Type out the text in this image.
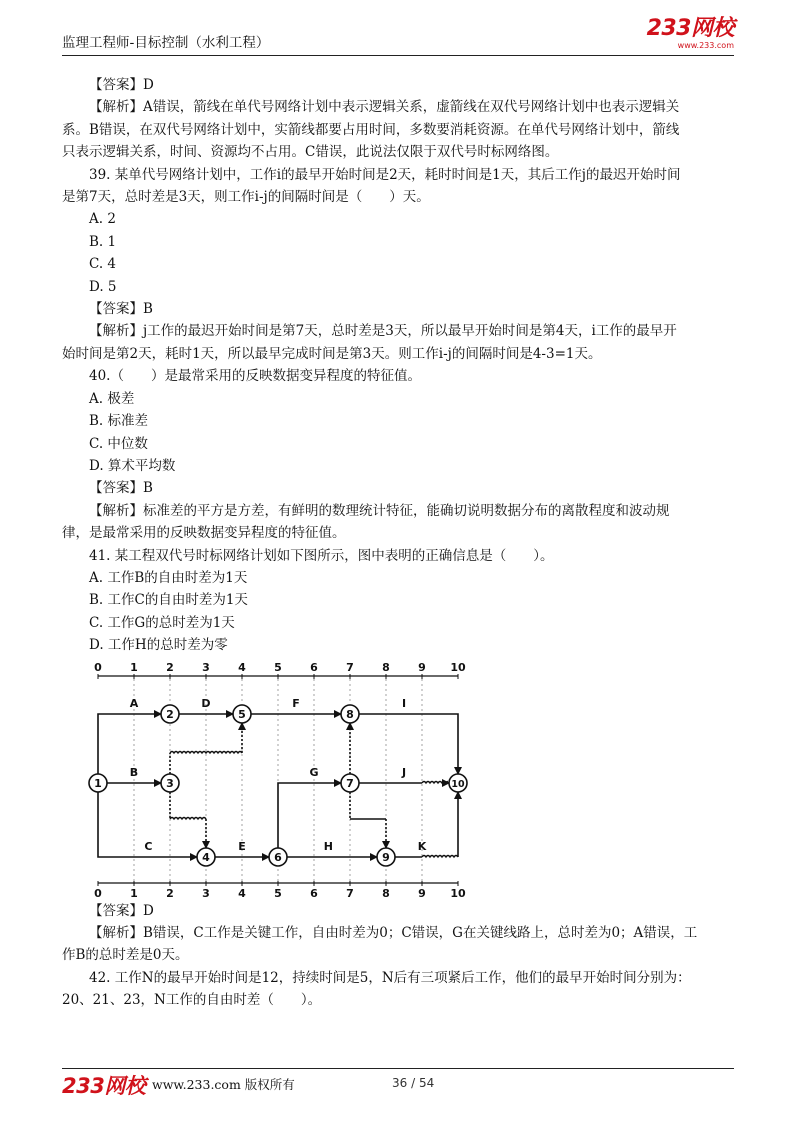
监理工程师-目标控制（水利工程）
233网校
www.233.com
【答案】D
【解析】A错误，箭线在单代号网络计划中表示逻辑关系，虚箭线在双代号网络计划中也表示逻辑关
系。B错误，在双代号网络计划中，实箭线都要占用时间，多数要消耗资源。在单代号网络计划中，箭线
只表示逻辑关系，时间、资源均不占用。C错误，此说法仅限于双代号时标网络图。
39. 某单代号网络计划中，工作i的最早开始时间是2天，耗时时间是1天，其后工作j的最迟开始时间
是第7天，总时差是3天，则工作i-j的间隔时间是（　　）天。
A. 2
B. 1
C. 4
D. 5
【答案】B
【解析】j工作的最迟开始时间是第7天，总时差是3天，所以最早开始时间是第4天，i工作的最早开
始时间是第2天，耗时1天，所以最早完成时间是第3天。则工作i-j的间隔时间是4-3=1天。
40.（　　）是最常采用的反映数据变异程度的特征值。
A. 极差
B. 标准差
C. 中位数
D. 算术平均数
【答案】B
【解析】标准差的平方是方差，有鲜明的数理统计特征，能确切说明数据分布的离散程度和波动规
律，是最常采用的反映数据变异程度的特征值。
41. 某工程双代号时标网络计划如下图所示，图中表明的正确信息是（　　）。
A. 工作B的自由时差为1天
B. 工作C的自由时差为1天
C. 工作G的总时差为1天
D. 工作H的总时差为零
0
0
1
1
2
2
3
3
4
4
5
5
6
6
7
7
8
8
9
9
10
10
A
B
C
D
E
F
G
H
I
J
K
1
2
3
4
5
6
7
8
9
10
【答案】D
【解析】B错误，C工作是关键工作，自由时差为0；C错误，G在关键线路上，总时差为0；A错误，工
作B的总时差是0天。
42. 工作N的最早开始时间是12，持续时间是5，N后有三项紧后工作，他们的最早开始时间分别为：
20、21、23，N工作的自由时差（　　）。
233网校 www.233.com 版权所有	36 / 54
